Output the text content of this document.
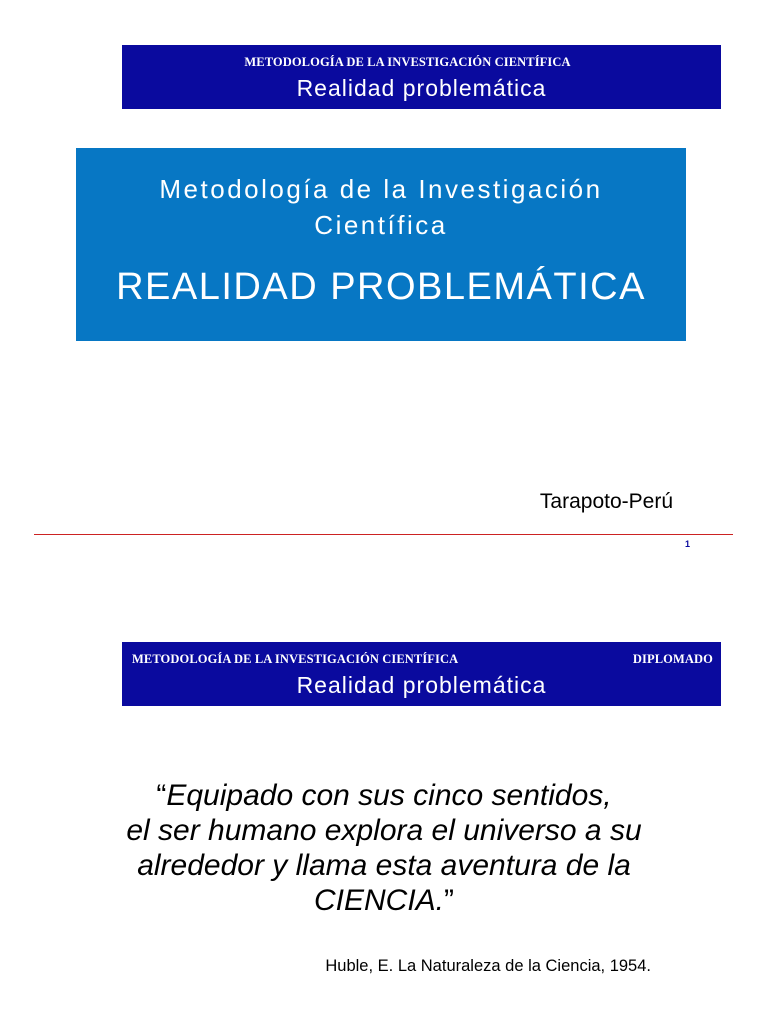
METODOLOGÍA DE LA INVESTIGACIÓN CIENTÍFICA
Realidad problemática
Metodología de la Investigación
Científica
REALIDAD PROBLEMÁTICA
Tarapoto-Perú
1
METODOLOGÍA DE LA INVESTIGACIÓN CIENTÍFICA	DIPLOMADO
Realidad problemática
“Equipado con sus cinco sentidos,
el ser humano explora el universo a su
alrededor y llama esta aventura de la
CIENCIA.”
Huble, E. La Naturaleza de la Ciencia, 1954.
